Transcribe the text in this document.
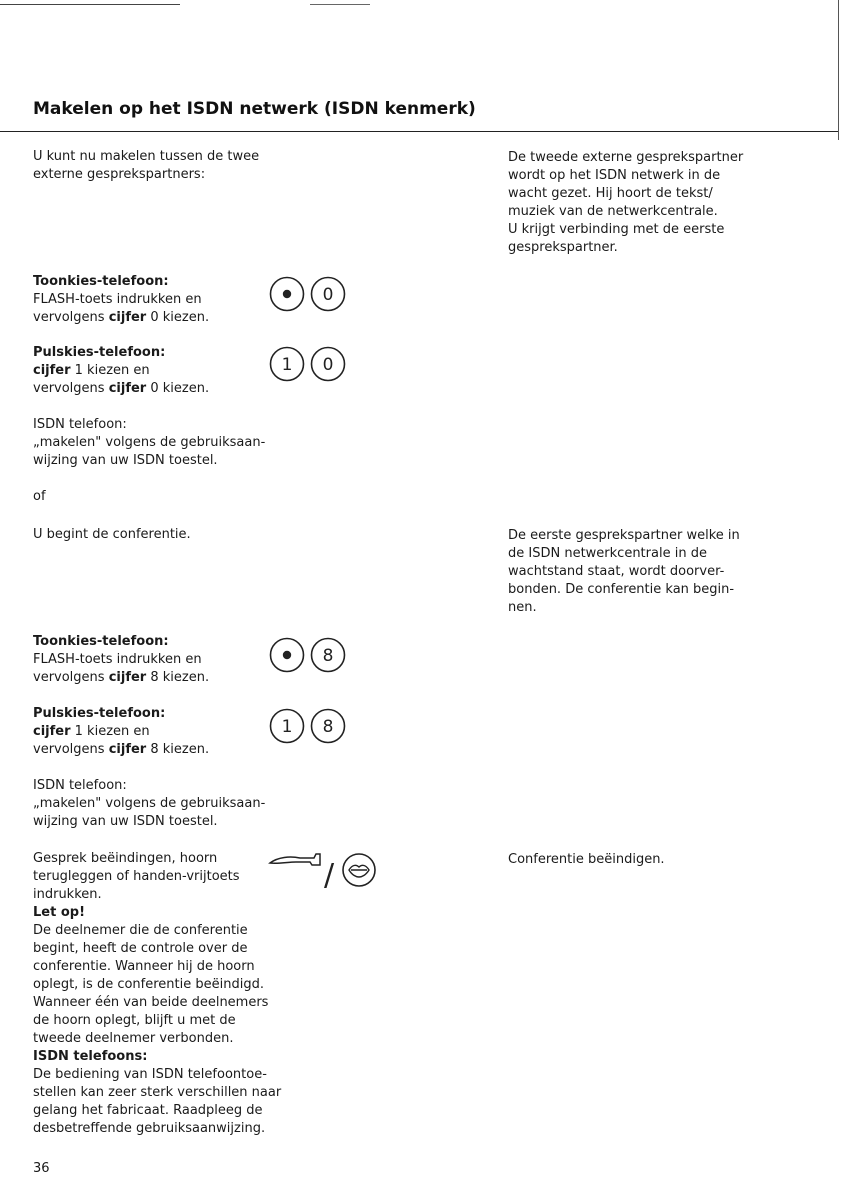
Makelen op het ISDN netwerk (ISDN kenmerk)
U kunt nu makelen tussen de twee
externe gesprekspartners:
De tweede externe gesprekspartner
wordt op het ISDN netwerk in de
wacht gezet. Hij hoort de tekst/
muziek van de netwerkcentrale.
U krijgt verbinding met de eerste
gesprekspartner.
Toonkies-telefoon:
FLASH-toets indrukken en
vervolgens cijfer 0 kiezen.
0
Pulskies-telefoon:
cijfer 1 kiezen en
vervolgens cijfer 0 kiezen.
1 0
ISDN telefoon:
„makelen" volgens de gebruiksaan-
wijzing van uw ISDN toestel.
of
U begint de conferentie.	De eerste gesprekspartner welke in
de ISDN netwerkcentrale in de
wachtstand staat, wordt doorver-
bonden. De conferentie kan begin-
nen.
Toonkies-telefoon:
FLASH-toets indrukken en
vervolgens cijfer 8 kiezen.
8
Pulskies-telefoon:
cijfer 1 kiezen en
vervolgens cijfer 8 kiezen.
1 8
ISDN telefoon:
„makelen" volgens de gebruiksaan-
wijzing van uw ISDN toestel.
Gesprek beëindingen, hoorn
terugleggen of handen-vrijtoets
indrukken.
Let op!
De deelnemer die de conferentie
begint, heeft de controle over de
conferentie. Wanneer hij de hoorn
oplegt, is de conferentie beëindigd.
Wanneer één van beide deelnemers
de hoorn oplegt, blijft u met de
tweede deelnemer verbonden.
ISDN telefoons:
De bediening van ISDN telefoontoe-
stellen kan zeer sterk verschillen naar
gelang het fabricaat. Raadpleeg de
desbetreffende gebruiksaanwijzing.
/	Conferentie beëindigen.
36
